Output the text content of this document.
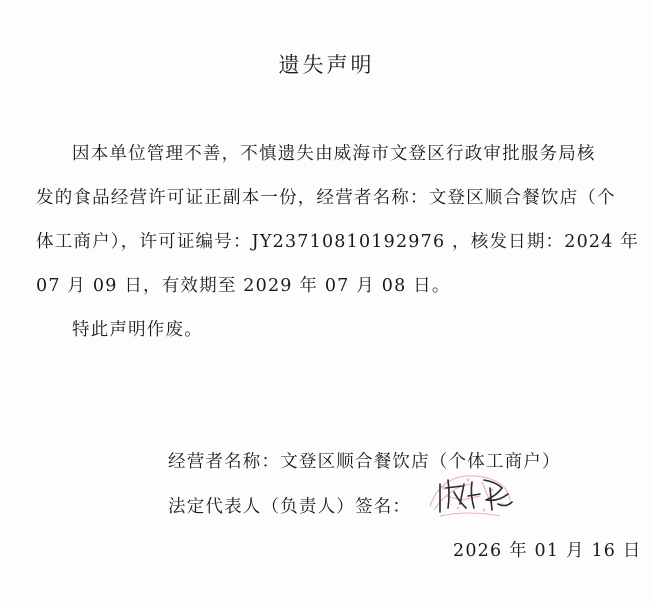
遗失声明
因本单位管理不善，不慎遗失由威海市文登区行政审批服务局核
发的食品经营许可证正副本一份，经营者名称：文登区顺合餐饮店（个
体工商户），许可证编号：JY23710810192976 ，核发日期：2024 年
07 月 09 日，有效期至 2029 年 07 月 08 日。
特此声明作废。
经营者名称：文登区顺合餐饮店（个体工商户）
法定代表人（负责人）签名：
2026 年 01 月 16 日
